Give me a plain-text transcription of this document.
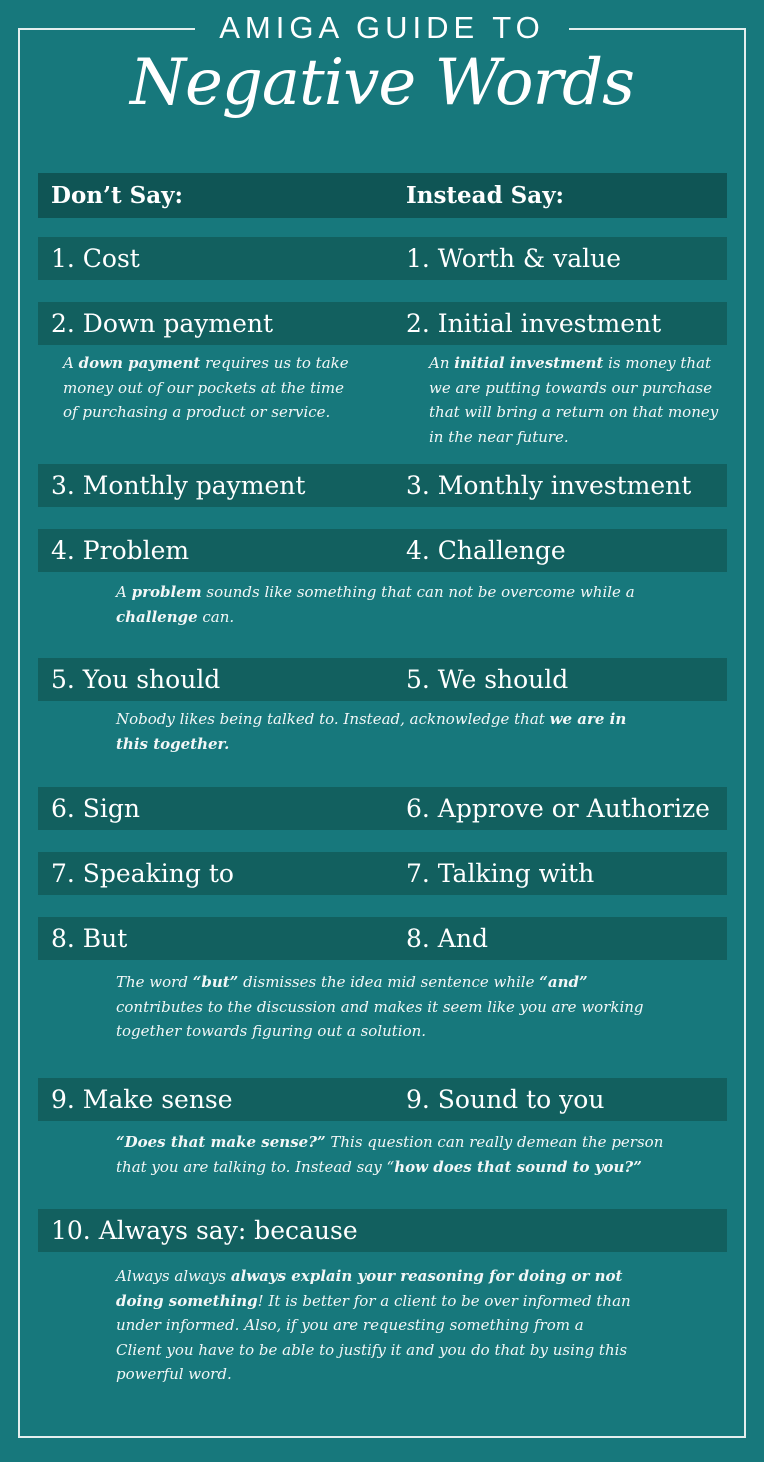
AMIGA GUIDE TO
Negative Words
Don’t Say:	Instead Say:
1. Cost	1. Worth & value
2. Down payment	2. Initial investment
A down payment requires us to take money out of our pockets at the time of purchasing a product or service.
An initial investment is money that we are putting towards our purchase that will bring a return on that money in the near future.
3. Monthly payment	3. Monthly investment
4. Problem	4. Challenge
A problem sounds like something that can not be overcome while a challenge can.
5. You should	5. We should
Nobody likes being talked to. Instead, acknowledge that we are in this together.
6. Sign	6. Approve or Authorize
7. Speaking to	7. Talking with
8. But	8. And
The word “but” dismisses the idea mid sentence while “and” contributes to the discussion and makes it seem like you are working together towards figuring out a solution.
9. Make sense	9. Sound to you
“Does that make sense?” This question can really demean the person that you are talking to. Instead say “how does that sound to you?”
10. Always say: because
Always always always explain your reasoning for doing or not doing something! It is better for a client to be over informed than under informed. Also, if you are requesting something from a Client you have to be able to justify it and you do that by using this powerful word.
